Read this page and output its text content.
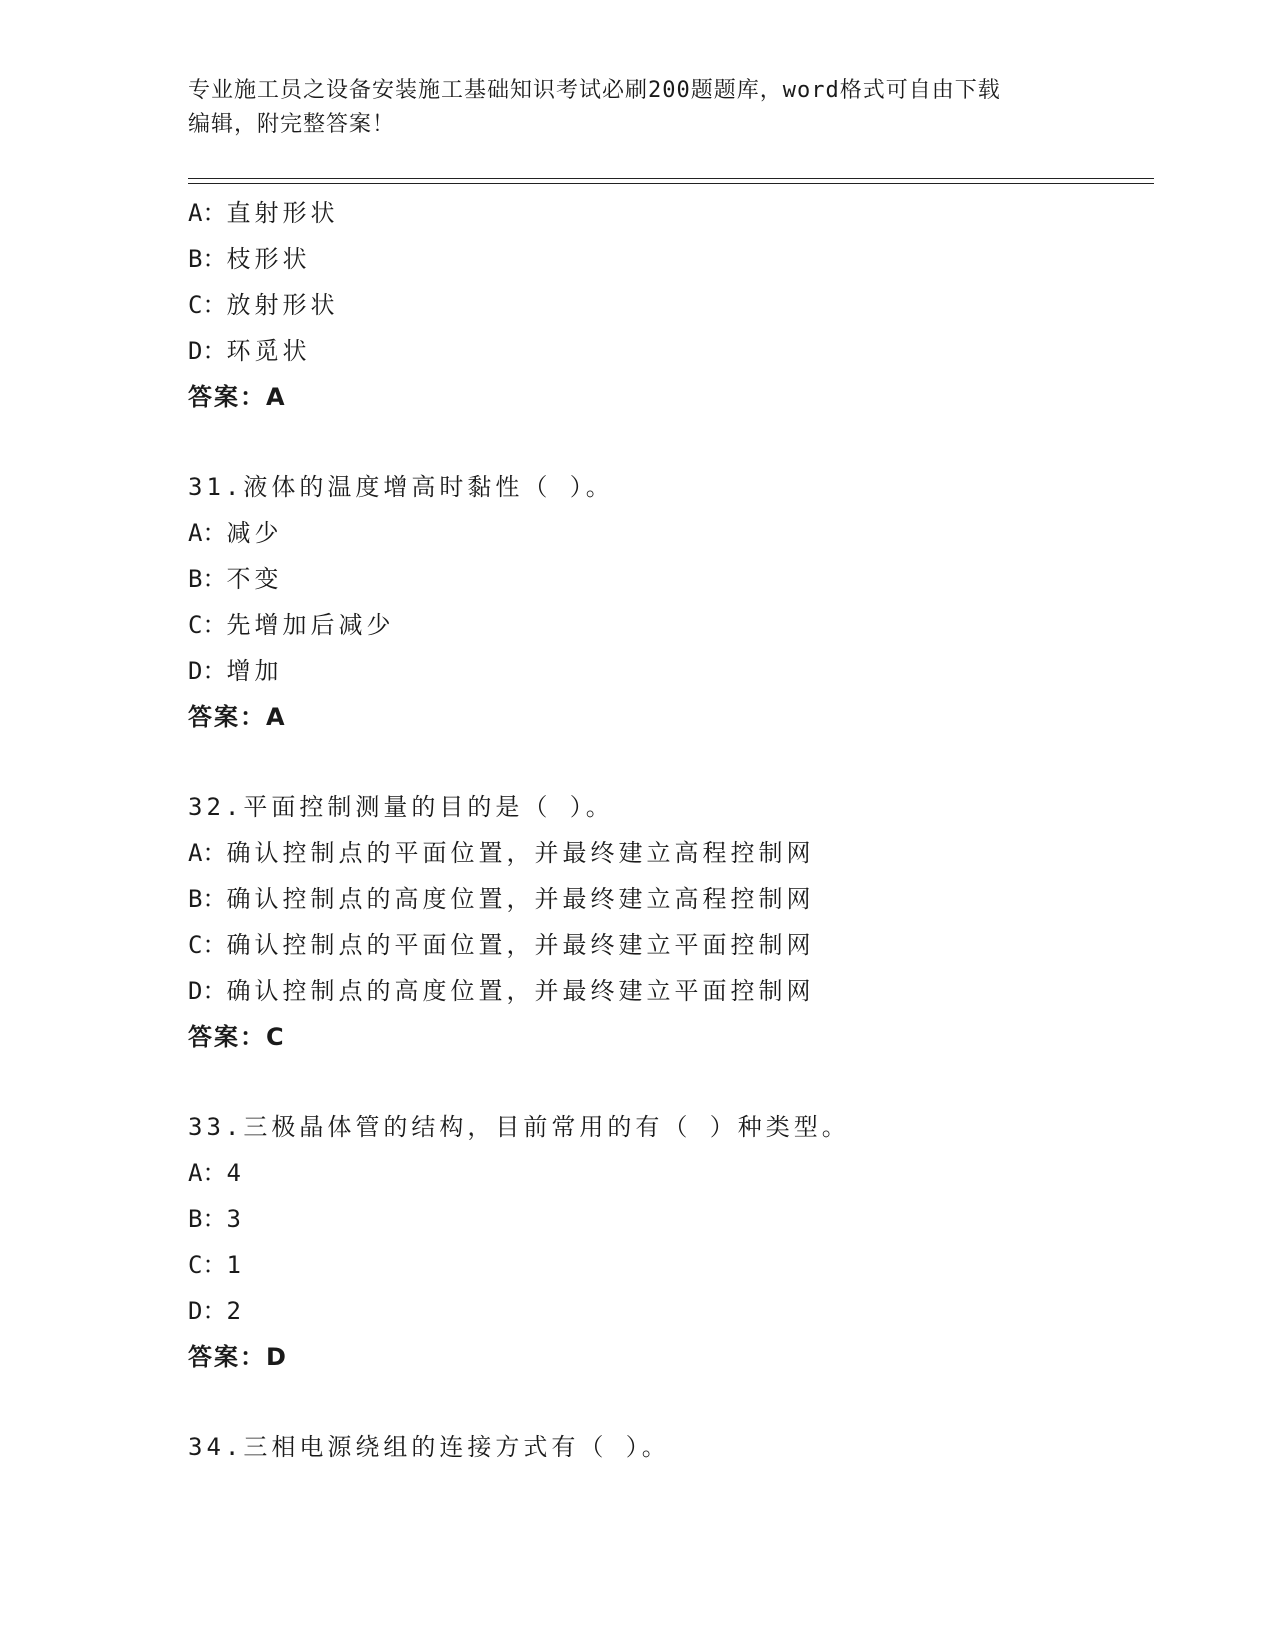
专业施工员之设备安装施工基础知识考试必刷200题题库，word格式可自由下载
编辑，附完整答案！
A：直射形状
B：枝形状
C：放射形状
D：环觅状
答案：A
31.液体的温度增高时黏性（ ）。
A：减少
B：不变
C：先增加后减少
D：增加
答案：A
32.平面控制测量的目的是（ ）。
A：确认控制点的平面位置，并最终建立高程控制网
B：确认控制点的高度位置，并最终建立高程控制网
C：确认控制点的平面位置，并最终建立平面控制网
D：确认控制点的高度位置，并最终建立平面控制网
答案：C
33.三极晶体管的结构，目前常用的有（ ）种类型。
A：4
B：3
C：1
D：2
答案：D
34.三相电源绕组的连接方式有（ ）。
